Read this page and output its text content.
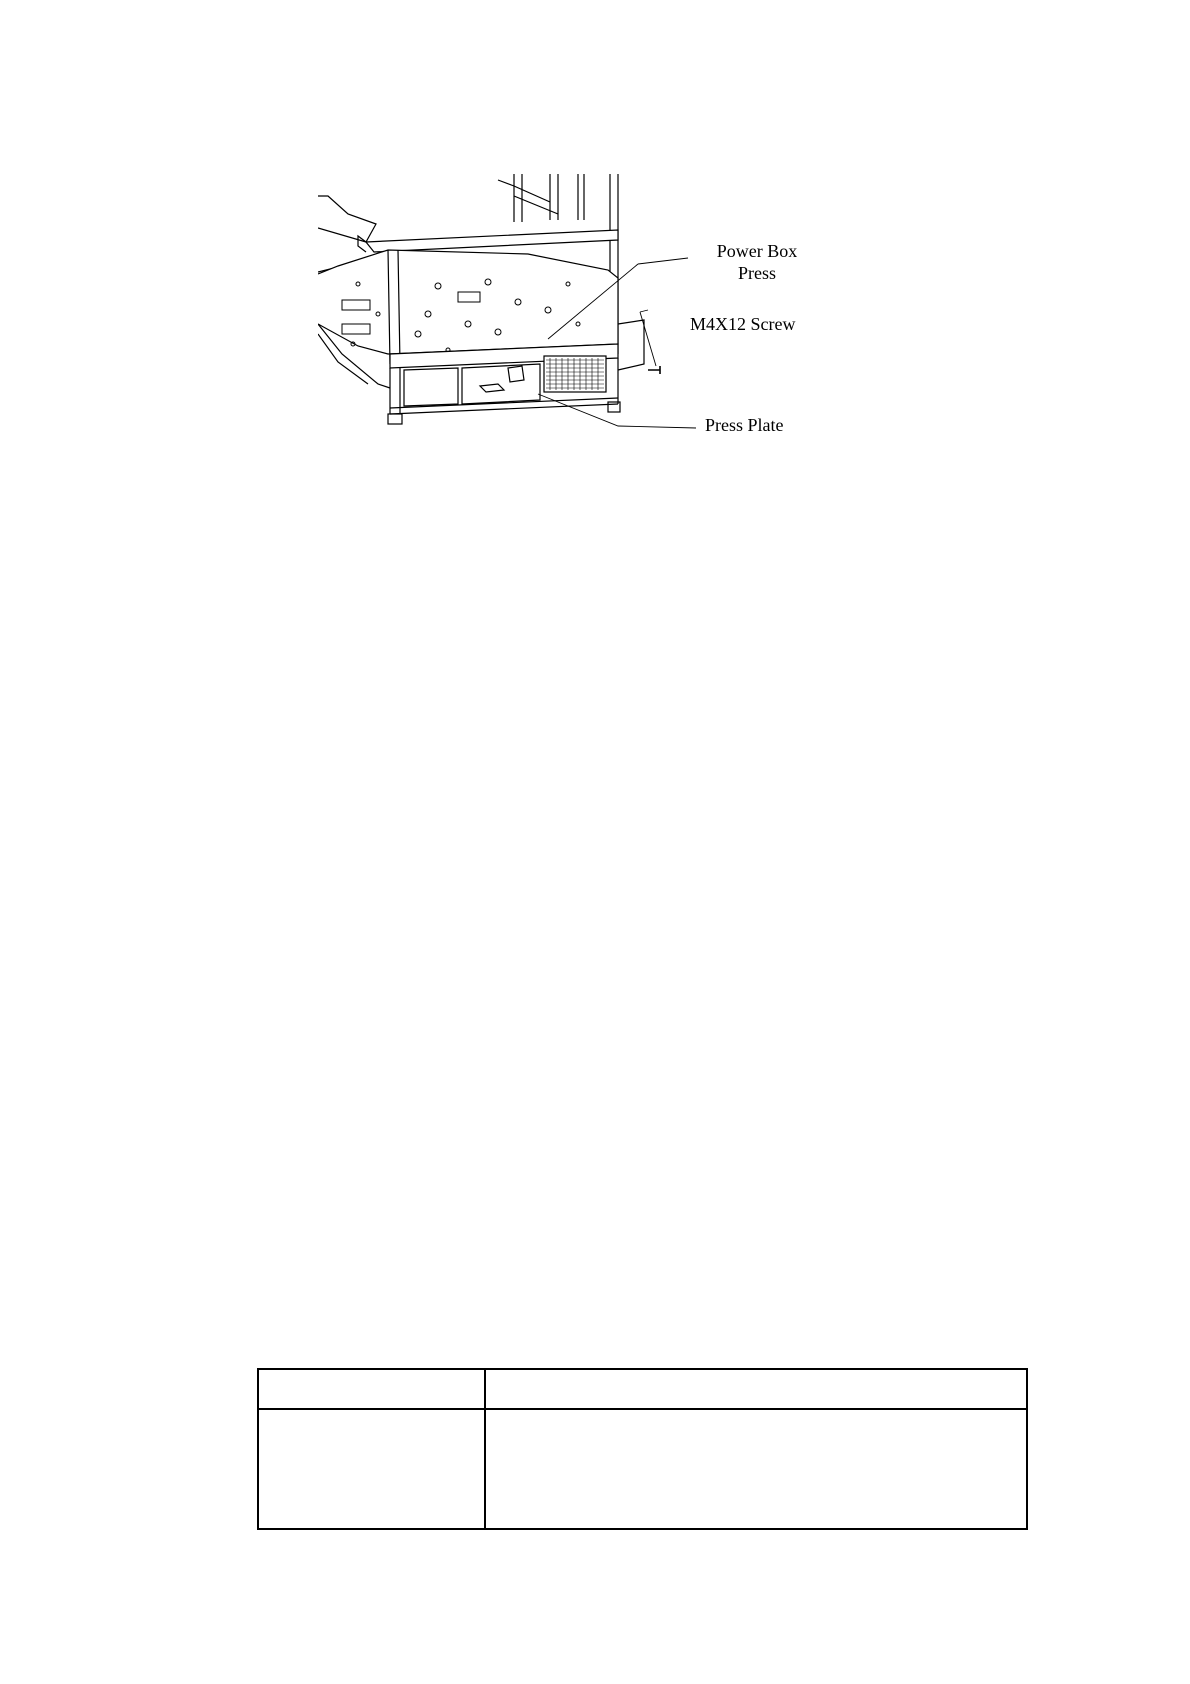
Power Box
Press
M4X12 Screw
Press Plate
